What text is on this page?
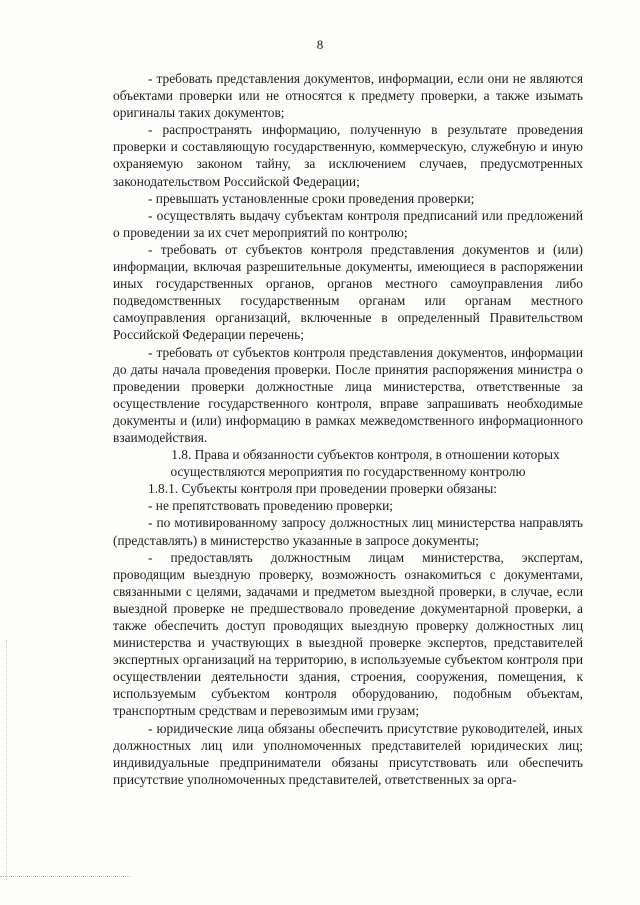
8

- требовать представления документов, информации, если они не являются объектами проверки или не относятся к предмету проверки, а также изымать оригиналы таких документов;

- распространять информацию, полученную в результате проведения проверки и составляющую государственную, коммерческую, служебную и иную охраняемую законом тайну, за исключением случаев, предусмотренных законодательством Российской Федерации;

- превышать установленные сроки проведения проверки;

- осуществлять выдачу субъектам контроля предписаний или предложений о проведении за их счет мероприятий по контролю;

- требовать от субъектов контроля представления документов и (или) информации, включая разрешительные документы, имеющиеся в распоряжении иных государственных органов, органов местного самоуправления либо подведомственных государственным органам или органам местного самоуправления организаций, включенные в определенный Правительством Российской Федерации перечень;

- требовать от субъектов контроля представления документов, информации до даты начала проведения проверки. После принятия распоряжения министра о проведении проверки должностные лица министерства, ответственные за осуществление государственного контроля, вправе запрашивать необходимые документы и (или) информацию в рамках межведомственного информационного взаимодействия.

1.8. Права и обязанности субъектов контроля, в отношении которых осуществляются мероприятия по государственному контролю

1.8.1. Субъекты контроля при проведении проверки обязаны:

- не препятствовать проведению проверки;

- по мотивированному запросу должностных лиц министерства направлять (представлять) в министерство указанные в запросе документы;

- предоставлять должностным лицам министерства, экспертам, проводящим выездную проверку, возможность ознакомиться с документами, связанными с целями, задачами и предметом выездной проверки, в случае, если выездной проверке не предшествовало проведение документарной проверки, а также обеспечить доступ проводящих выездную проверку должностных лиц министерства и участвующих в выездной проверке экспертов, представителей экспертных организаций на территорию, в используемые субъектом контроля при осуществлении деятельности здания, строения, сооружения, помещения, к используемым субъектом контроля оборудованию, подобным объектам, транспортным средствам и перевозимым ими грузам;

- юридические лица обязаны обеспечить присутствие руководителей, иных должностных лиц или уполномоченных представителей юридических лиц; индивидуальные предприниматели обязаны присутствовать или обеспечить присутствие уполномоченных представителей, ответственных за орга-
